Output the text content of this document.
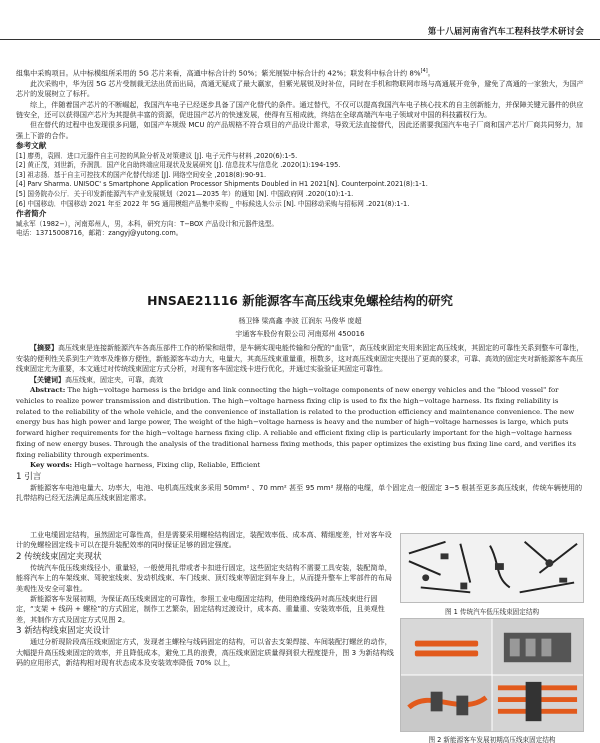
第十八届河南省汽车工程科技学术研讨会

组集中采购项目。从中标模组所采用的 5G 芯片来看，高通中标合计约 50%；紫光展锐中标合计约 42%；联发科中标合计约 8%[4]。

此次采购中，华为因 5G 芯片受制裁无法出货而出局，高通无疑成了最大赢家，但紫光展锐及时补位，同时在手机和物联网市场与高通展开竞争，避免了高通的一家独大，为国产芯片的发展树立了标杆。

综上，伴随着国产芯片的不断崛起，我国汽车电子已经逐步具备了国产化替代的条件。通过替代，不仅可以提高我国汽车电子核心技术的自主创新能力，并保障关键元器件的供应链安全，还可以获得国产芯片为其提供丰富的资源，促进国产芯片的快速发展，使得有互相成就，终结在全球高端汽车电子领域对中国的科技霸权行为。

但在替代的过程中也发现很多问题，如国产车规级 MCU 的产品规格不符合项目的产品设计需求，导致无法直接替代，因此还需要我国汽车电子厂商和国产芯片厂商共同努力，加强上下游的合作。

参考文献
[1] 廖勇，袁圆．进口元器件自主可控的风险分析及对策建议 [J]. 电子元件与材料 ,2020(6):1-5.
[2] 黄正茂，刘世新，乔润凯．国产化自助终端应用现状及发展研究 [J]. 信息技术与信息化 .2020(1):194-195.
[3] 祖志扬．基于自主可控技术的国产化替代综述 [J]. 网络空间安全 ,2018(8):90-91.
[4] Parv Sharma. UNISOC' s Smartphone Application Processor Shipments Doubled in H1 2021[N]. Counterpoint.2021(8):1-1.
[5] 国务院办公厅．关于印发新能源汽车产业发展规划（2021—2035 年）的通知 [N]. 中国政府网 .2020(10):1-1.
[6] 中国移动．中国移动 2021 年至 2022 年 5G 通用模组产品集中采购 _ 中标候选人公示 [N]. 中国移动采购与招标网 .2021(8):1-1.
作者简介
臧永军（1982−），河南郑州人，男，本科，研究方向：T−BOX 产品设计和元器件选型。
电话：13715008716，邮箱：zangyj@yutong.com。
HNSAE21116 新能源客车高压线束免螺栓结构的研究
杨卫锋 梁高鑫 李波 江润东 马俊华 庞超
宇通客车股份有限公司 河南郑州 450016

【摘要】高压线束是连接新能源汽车各高压部件工作的桥梁和纽带，是车辆实现电能传输和分配的“血管”，高压线束固定夹用来固定高压线束，其固定的可靠性关系到整车可靠性，安装的便利性关系到生产效率及维修方便性，新能源客车动力大，电量大，其高压线束重量重，根数多，这对高压线束固定夹提出了更高的要求，可靠、高效的固定夹对新能源客车高压线束固定尤为重要，本文通过对传统线束固定方式分析，对现有客车固定线卡进行优化，并通过实验验证其固定可靠性。

【关键词】高压线束，固定夹，可靠，高效

Abstract: The high−voltage harness is the bridge and link connecting the high−voltage components of new energy vehicles and the "blood vessel" for vehicles to realize power transmission and distribution. The high−voltage harness fixing clip is used to fix the high−voltage harness. Its fixing reliability is related to the reliability of the whole vehicle, and the convenience of installation is related to the production efficiency and maintenance convenience. The new energy bus has high power and large power, The weight of the high−voltage harness is heavy and the number of high−voltage harnesses is large, which puts forward higher requirements for the high−voltage harness fixing clip. A reliable and efficient fixing clip is particularly important for the high−voltage harness fixing of new energy buses. Through the analysis of the traditional harness fixing methods, this paper optimizes the existing bus fixing line card, and verifies its fixing reliability through experiments.

Key words: High−voltage harness, Fixing clip, Reliable, Efficient

1 引言

新能源客车电池电量大、功率大，电池、电机高压线束多采用 50mm² 、70 mm² 甚至 95 mm² 规格的电缆，单个固定点一般固定 3~5 根甚至更多高压线束，传统车辆使用的扎带结构已经无法满足高压线束固定需求。

工业电缆固定结构，虽然固定可靠性高，但是需要采用螺栓结构固定，装配效率低、成本高、精细度差，针对客车设计的免螺栓固定线卡可以在提升装配效率的同时保证足够的固定强度。

2 传统线束固定夹现状

传统汽车低压线束线径小，重量轻，一般使用扎带或者卡扣进行固定，这些固定夹结构不需要工具安装，装配简单，能将汽车上的车架线束、驾驶室线束、发动机线束、车门线束、顶灯线束等固定到车身上，从而提升整车上零部件的布局美观性及安全可靠性。

新能源客车发展初期，为保证高压线束固定的可靠性，参照工业电缆固定结构，使用绝缘线码对高压线束进行固定，“支架 + 线码 + 螺栓”的方式固定，制作工艺繁杂，固定结构过渡设计，成本高、重量重、安装效率低，且美观性差，其制作方式及固定方式见图 2。

3 新结构线束固定夹设计

通过分析现阶段高压线束固定方式，发现者主螺栓与线码固定的结构，可以省去支架焊接、车间装配打螺丝的动作，大幅提升高压线束固定的效率，并且降低成本，避免工具的浪费，高压线束固定质量得到很大程度提升，图 3 为新结构线码的应用形式，新结构相对现有状态成本及安装效率降低 70% 以上，

图 1 传统汽车低压线束固定结构
图 2 新能源客车发展初期高压线束固定结构
